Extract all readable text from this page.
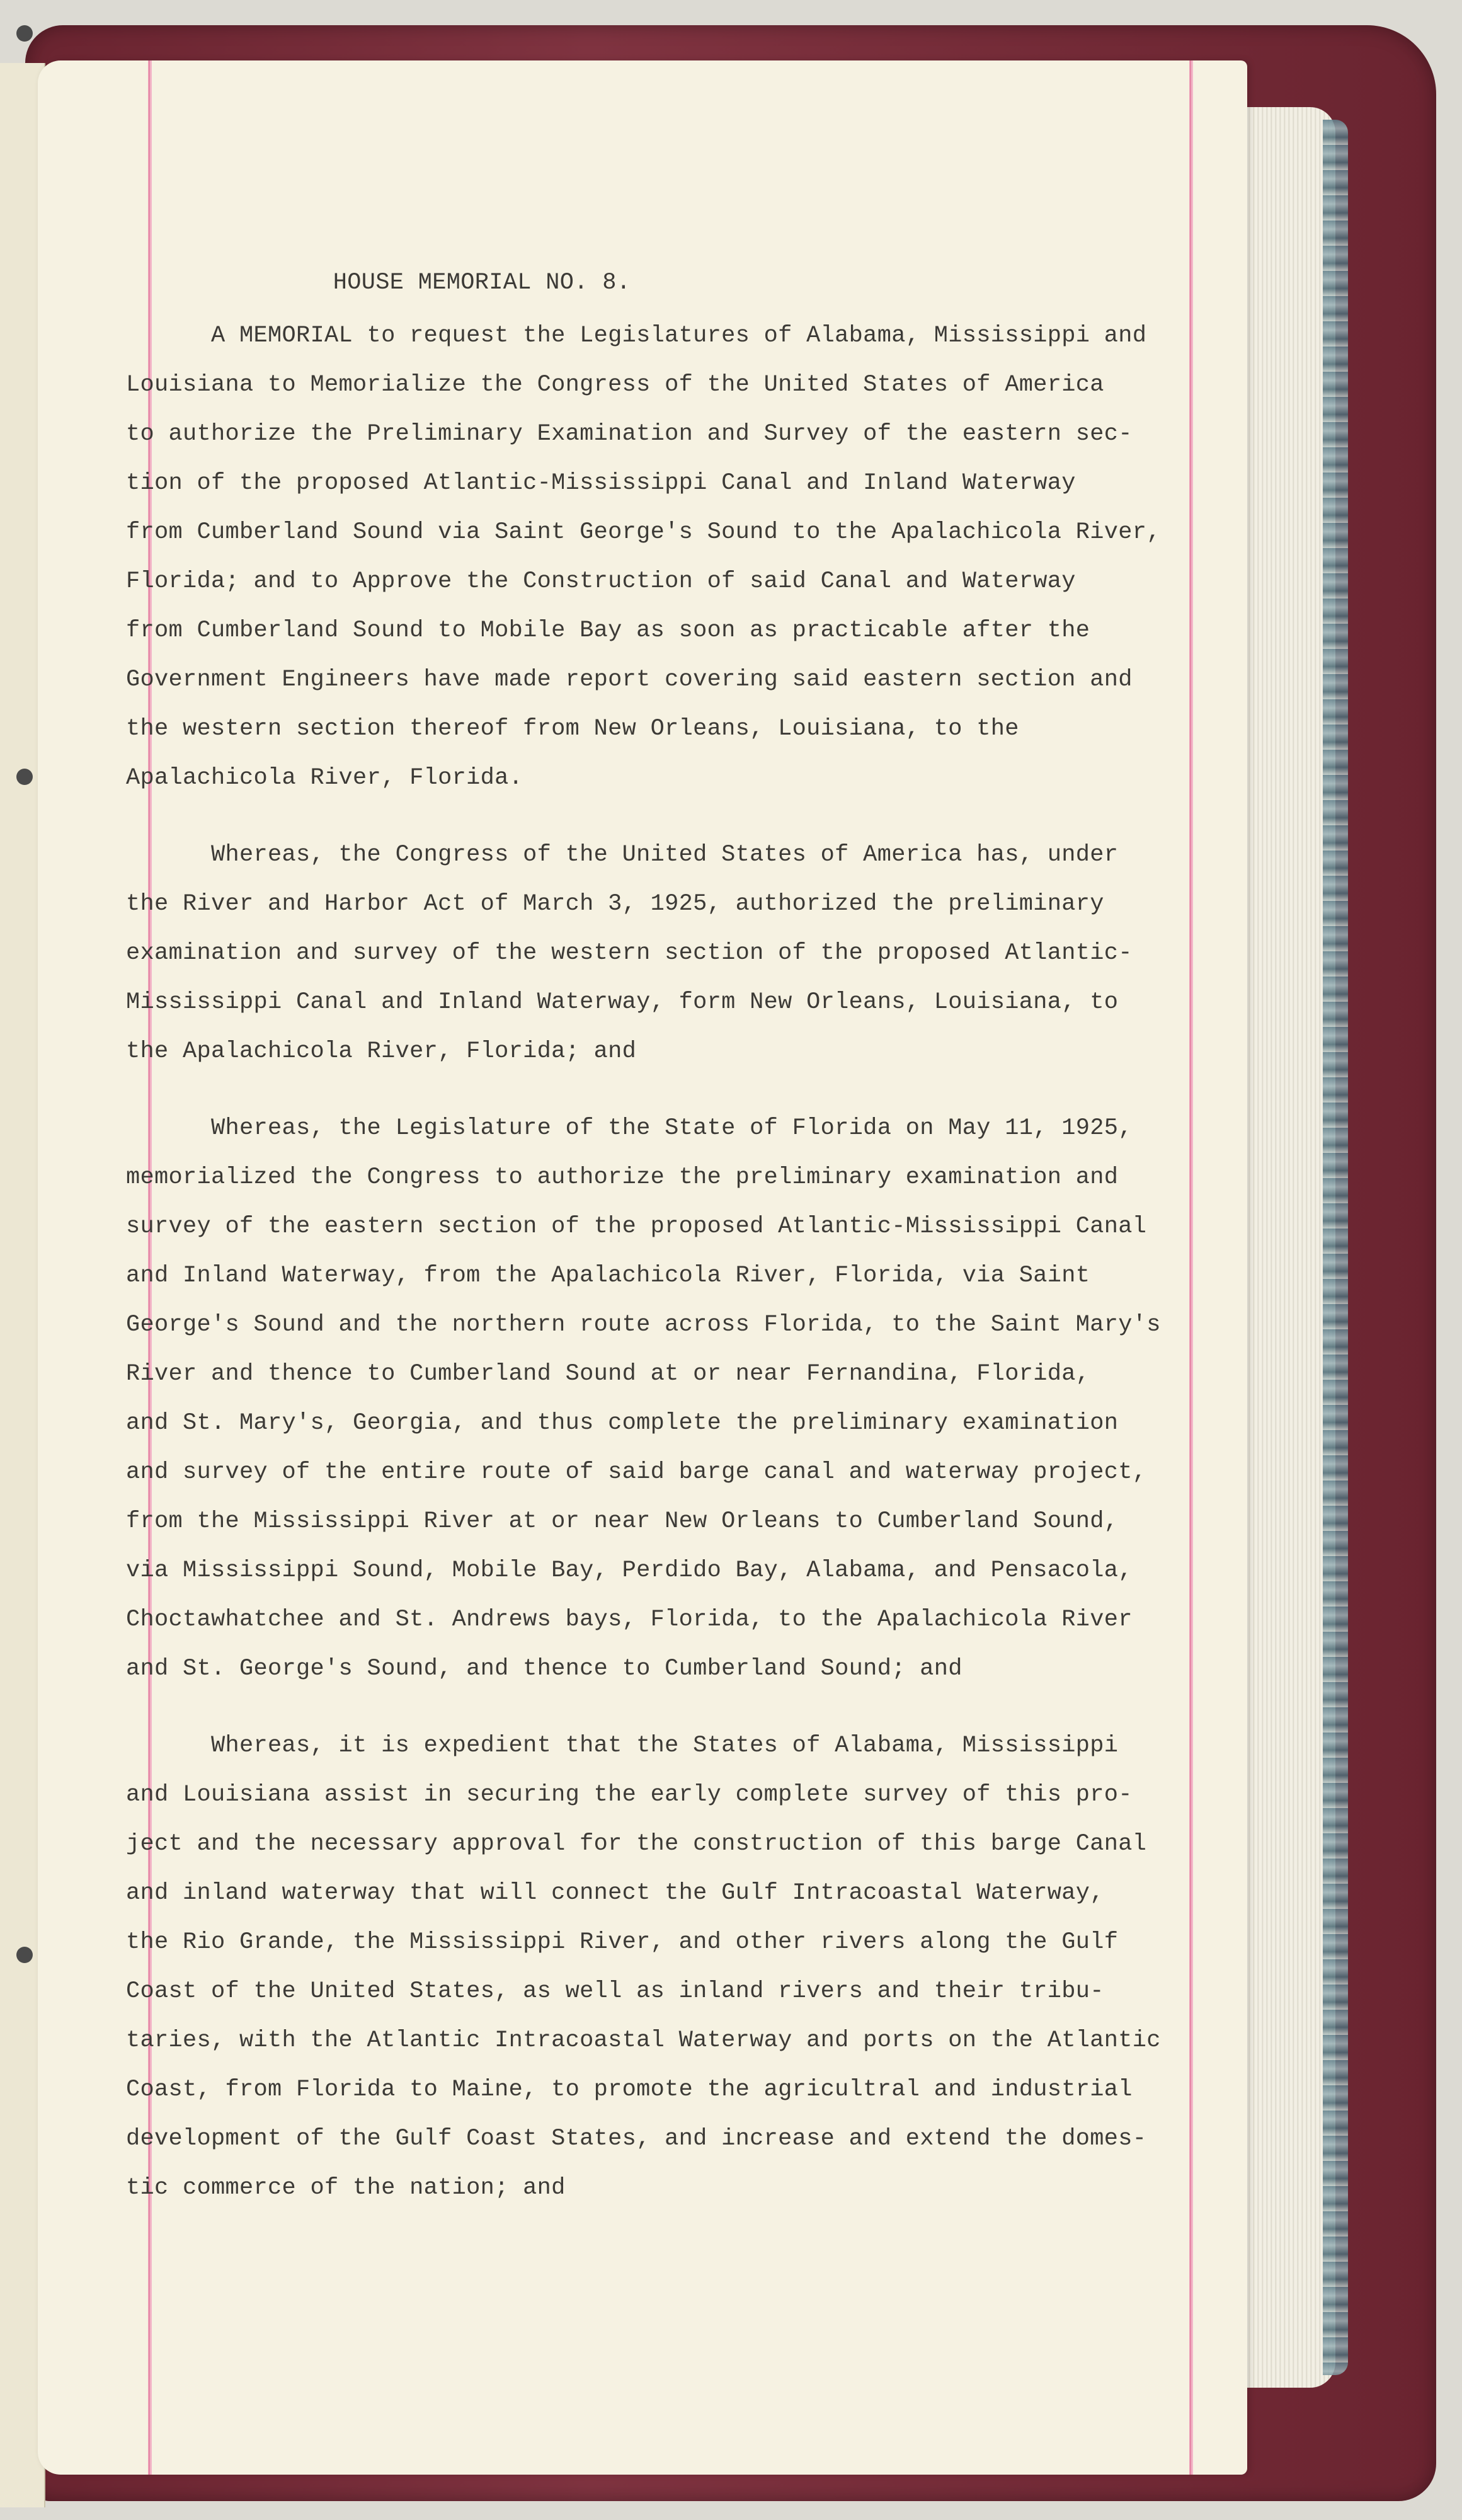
HOUSE MEMORIAL NO. 8.
A MEMORIAL to request the Legislatures of Alabama, Mississippi and
Louisiana to Memorialize the Congress of the United States of America
to authorize the Preliminary Examination and Survey of the eastern sec-
tion of the proposed Atlantic-Mississippi Canal and Inland Waterway
from Cumberland Sound via Saint George's Sound to the Apalachicola River,
Florida; and to Approve the Construction of said Canal and Waterway
from Cumberland Sound to Mobile Bay as soon as practicable after the
Government Engineers have made report covering said eastern section and
the western section thereof from New Orleans, Louisiana, to the
Apalachicola River, Florida.
Whereas, the Congress of the United States of America has, under
the River and Harbor Act of March 3, 1925, authorized the preliminary
examination and survey of the western section of the proposed Atlantic-
Mississippi Canal and Inland Waterway, form New Orleans, Louisiana, to
the Apalachicola River, Florida; and
Whereas, the Legislature of the State of Florida on May 11, 1925,
memorialized the Congress to authorize the preliminary examination and
survey of the eastern section of the proposed Atlantic-Mississippi Canal
and Inland Waterway, from the Apalachicola River, Florida, via Saint
George's Sound and the northern route across Florida, to the Saint Mary's
River and thence to Cumberland Sound at or near Fernandina, Florida,
and St. Mary's, Georgia, and thus complete the preliminary examination
and survey of the entire route of said barge canal and waterway project,
from the Mississippi River at or near New Orleans to Cumberland Sound,
via Mississippi Sound, Mobile Bay, Perdido Bay, Alabama, and Pensacola,
Choctawhatchee and St. Andrews bays, Florida, to the Apalachicola River
and St. George's Sound, and thence to Cumberland Sound; and
Whereas, it is expedient that the States of Alabama, Mississippi
and Louisiana assist in securing the early complete survey of this pro-
ject and the necessary approval for the construction of this barge Canal
and inland waterway that will connect the Gulf Intracoastal Waterway,
the Rio Grande, the Mississippi River, and other rivers along the Gulf
Coast of the United States, as well as inland rivers and their tribu-
taries, with the Atlantic Intracoastal Waterway and ports on the Atlantic
Coast, from Florida to Maine, to promote the agricultral and industrial
development of the Gulf Coast States, and increase and extend the domes-
tic commerce of the nation; and
